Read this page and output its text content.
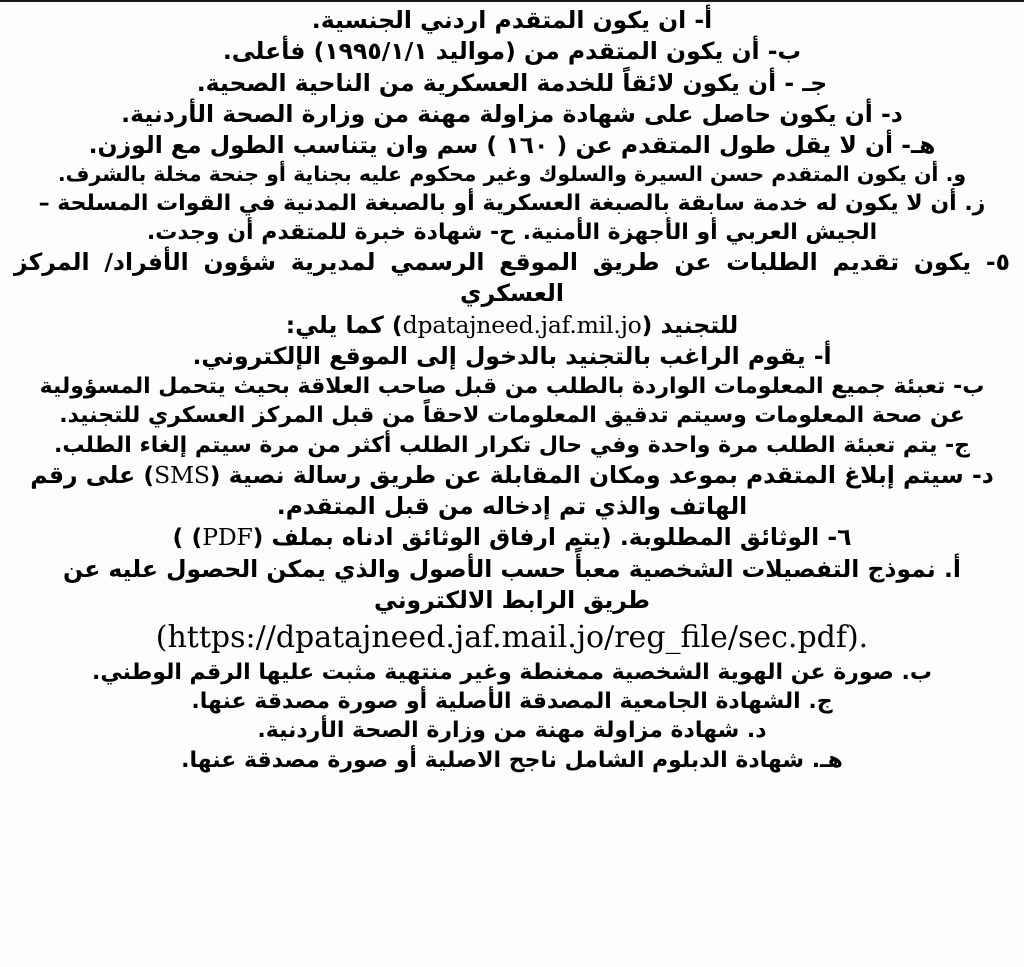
أ- ان يكون المتقدم اردني الجنسية.
ب- أن يكون المتقدم من (مواليد ١٩٩٥/١/١) فأعلى.
جـ - أن يكون لائقاً للخدمة العسكرية من الناحية الصحية.
د- أن يكون حاصل على شهادة مزاولة مهنة من وزارة الصحة الأردنية.
هـ- أن لا يقل طول المتقدم عن ( ١٦٠ ) سم وان يتناسب الطول مع الوزن.
و. أن يكون المتقدم حسن السيرة والسلوك وغير محكوم عليه بجناية أو جنحة مخلة بالشرف.
ز. أن لا يكون له خدمة سابقة بالصبغة العسكرية أو بالصبغة المدنية في القوات المسلحة –
الجيش العربي أو الأجهزة الأمنية. ح- شهادة خبرة للمتقدم أن وجدت.
٥- يكون تقديم الطلبات عن طريق الموقع الرسمي لمديرية شؤون الأفراد/ المركز العسكري
للتجنيد (dpatajneed.jaf.mil.jo) كما يلي:
أ- يقوم الراغب بالتجنيد بالدخول إلى الموقع الإلكتروني.
ب- تعبئة جميع المعلومات الواردة بالطلب من قبل صاحب العلاقة بحيث يتحمل المسؤولية
عن صحة المعلومات وسيتم تدقيق المعلومات لاحقاً من قبل المركز العسكري للتجنيد.
ج- يتم تعبئة الطلب مرة واحدة وفي حال تكرار الطلب أكثر من مرة سيتم إلغاء الطلب.
د- سيتم إبلاغ المتقدم بموعد ومكان المقابلة عن طريق رسالة نصية (SMS) على رقم
الهاتف والذي تم إدخاله من قبل المتقدم.
٦- الوثائق المطلوبة. (يتم ارفاق الوثائق ادناه بملف (PDF) )
أ. نموذج التفصيلات الشخصية معبأً حسب الأصول والذي يمكن الحصول عليه عن
طريق الرابط الالكتروني
(https://dpatajneed.jaf.mail.jo/reg_file/sec.pdf).
ب. صورة عن الهوية الشخصية ممغنطة وغير منتهية مثبت عليها الرقم الوطني.
ج. الشهادة الجامعية المصدقة الأصلية أو صورة مصدقة عنها.
د. شهادة مزاولة مهنة من وزارة الصحة الأردنية.
هـ. شهادة الدبلوم الشامل ناجح الاصلية أو صورة مصدقة عنها.
